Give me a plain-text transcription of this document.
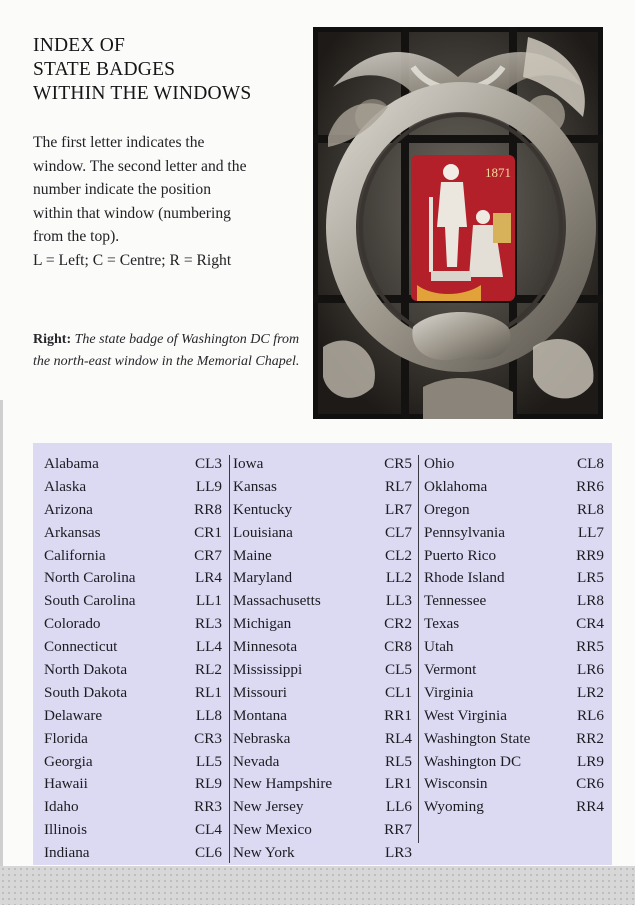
INDEX OF
STATE BADGES
WITHIN THE WINDOWS
The first letter indicates the
window. The second letter and the
number indicate the position
within that window (numbering
from the top).
L = Left; C = Centre; R = Right
Right: The state badge of Washington DC from the north-east window in the Memorial Chapel.
1871
Alabama	CL3
Alaska	LL9
Arizona	RR8
Arkansas	CR1
California	CR7
North Carolina	LR4
South Carolina	LL1
Colorado	RL3
Connecticut	LL4
North Dakota	RL2
South Dakota	RL1
Delaware	LL8
Florida	CR3
Georgia	LL5
Hawaii	RL9
Idaho	RR3
Illinois	CL4
Indiana	CL6
Iowa	CR5
Kansas	RL7
Kentucky	LR7
Louisiana	CL7
Maine	CL2
Maryland	LL2
Massachusetts	LL3
Michigan	CR2
Minnesota	CR8
Mississippi	CL5
Missouri	CL1
Montana	RR1
Nebraska	RL4
Nevada	RL5
New Hampshire	LR1
New Jersey	LL6
New Mexico	RR7
New York	LR3
Ohio	CL8
Oklahoma	RR6
Oregon	RL8
Pennsylvania	LL7
Puerto Rico	RR9
Rhode Island	LR5
Tennessee	LR8
Texas	CR4
Utah	RR5
Vermont	LR6
Virginia	LR2
West Virginia	RL6
Washington State	RR2
Washington DC	LR9
Wisconsin	CR6
Wyoming	RR4
